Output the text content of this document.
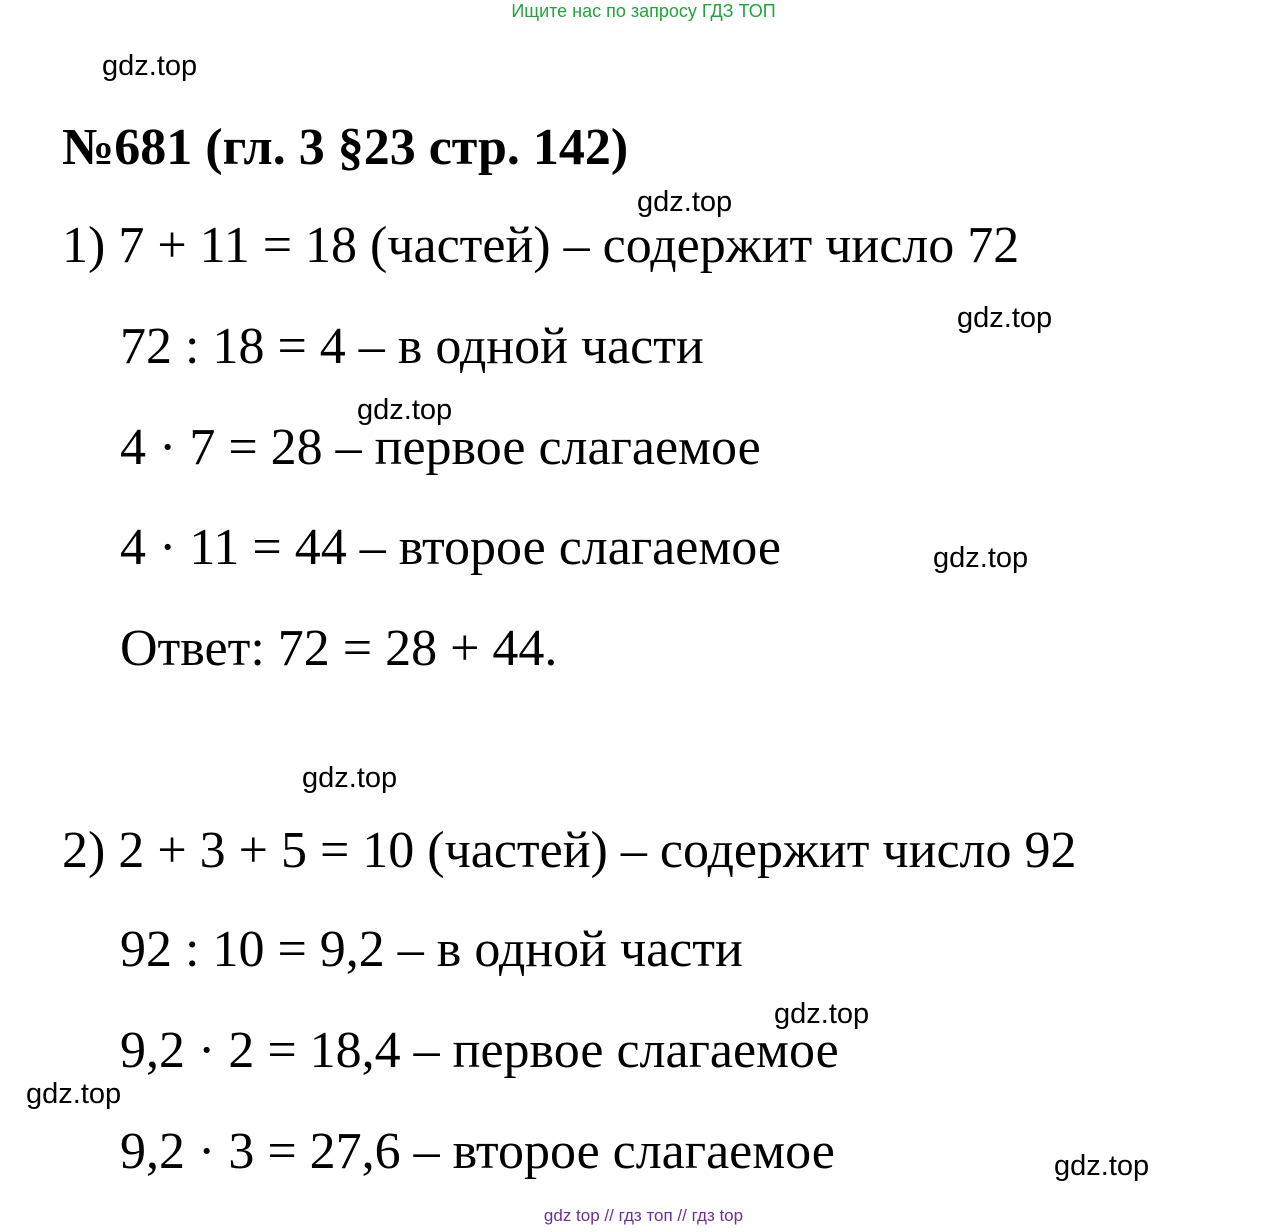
Ищите нас по запросу ГДЗ ТОП
gdz.top
№681 (гл. 3 §23 стр. 142)
gdz.top
1) 7 + 11 = 18 (частей) – содержит число 72
gdz.top
72 : 18 = 4 – в одной части
gdz.top
4 · 7 = 28 – первое слагаемое
4 · 11 = 44 – второе слагаемое	gdz.top
Ответ: 72 = 28 + 44.
gdz.top
2) 2 + 3 + 5 = 10 (частей) – содержит число 92
92 : 10 = 9,2 – в одной части
gdz.top
9,2 · 2 = 18,4 – первое слагаемое
gdz.top
9,2 · 3 = 27,6 – второе слагаемое	gdz.top
gdz top // гдз топ // гдз top
